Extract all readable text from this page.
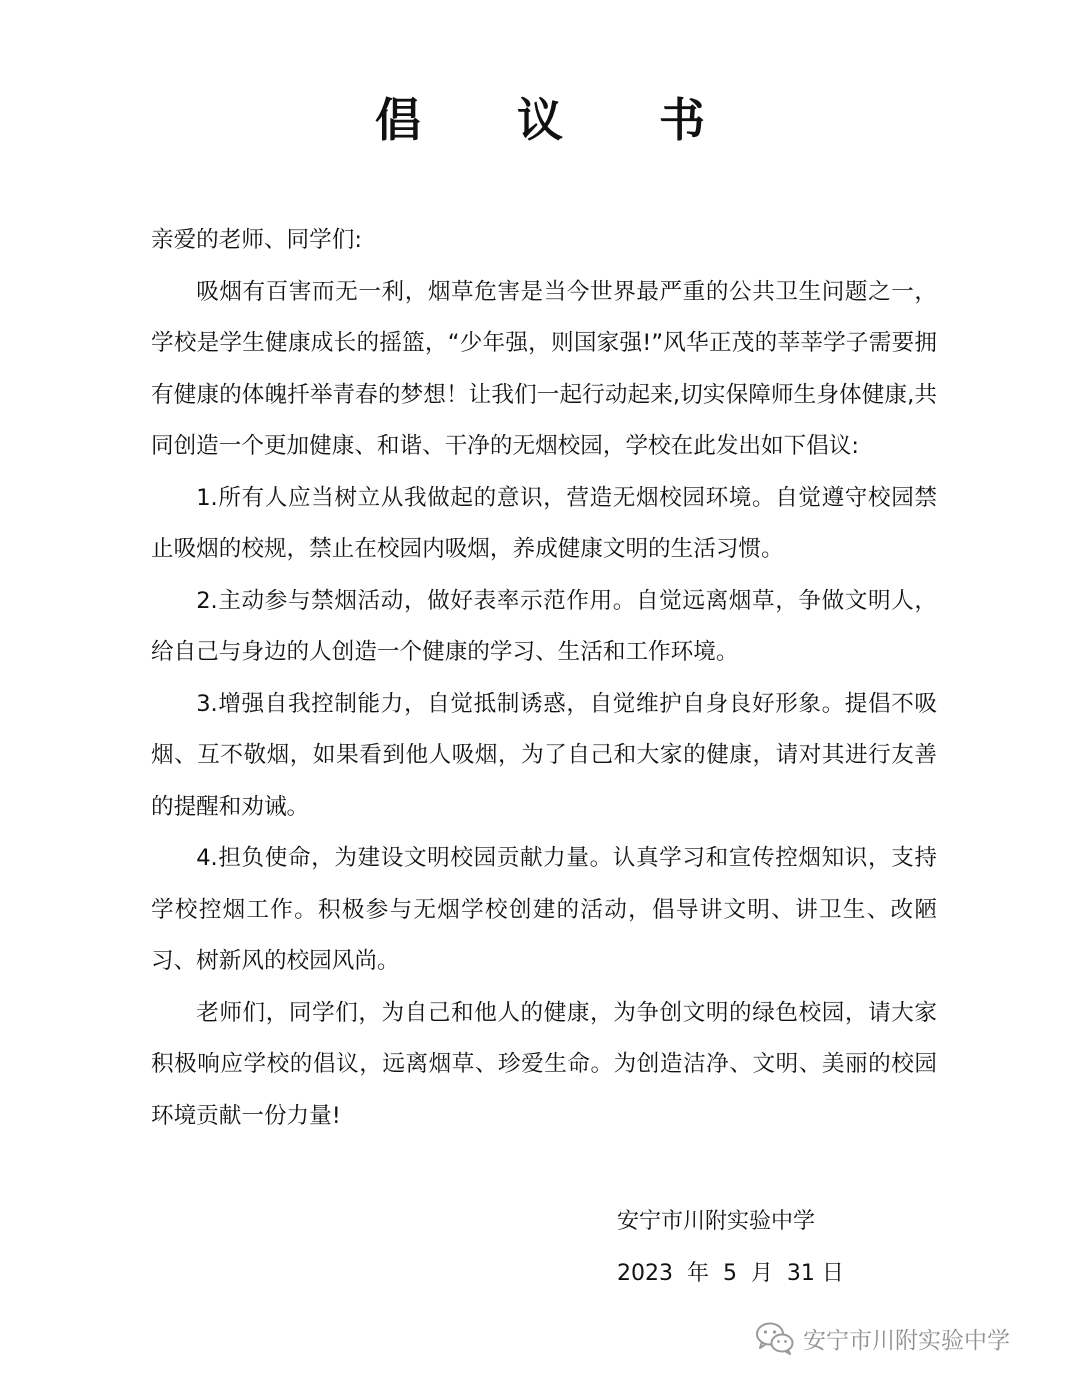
倡 议 书

亲爱的老师、同学们:

吸烟有百害而无一利，烟草危害是当今世界最严重的公共卫生问题之一，学校是学生健康成长的摇篮，“少年强，则国家强!”风华正茂的莘莘学子需要拥有健康的体魄扦举青春的梦想！让我们一起行动起来,切实保障师生身体健康,共同创造一个更加健康、和谐、干净的无烟校园，学校在此发出如下倡议:

1.所有人应当树立从我做起的意识，营造无烟校园环境。自觉遵守校园禁止吸烟的校规，禁止在校园内吸烟，养成健康文明的生活习惯。

2.主动参与禁烟活动，做好表率示范作用。自觉远离烟草，争做文明人，给自己与身边的人创造一个健康的学习、生活和工作环境。

3.增强自我控制能力，自觉抵制诱惑，自觉维护自身良好形象。提倡不吸烟、互不敬烟，如果看到他人吸烟，为了自己和大家的健康，请对其进行友善的提醒和劝诫。

4.担负使命，为建设文明校园贡献力量。认真学习和宣传控烟知识，支持学校控烟工作。积极参与无烟学校创建的活动，倡导讲文明、讲卫生、改陋习、树新风的校园风尚。

老师们，同学们，为自己和他人的健康，为争创文明的绿色校园，请大家积极响应学校的倡议，远离烟草、珍爱生命。为创造洁净、文明、美丽的校园环境贡献一份力量!

安宁市川附实验中学
2023  年  5  月  31 日
安宁市川附实验中学
